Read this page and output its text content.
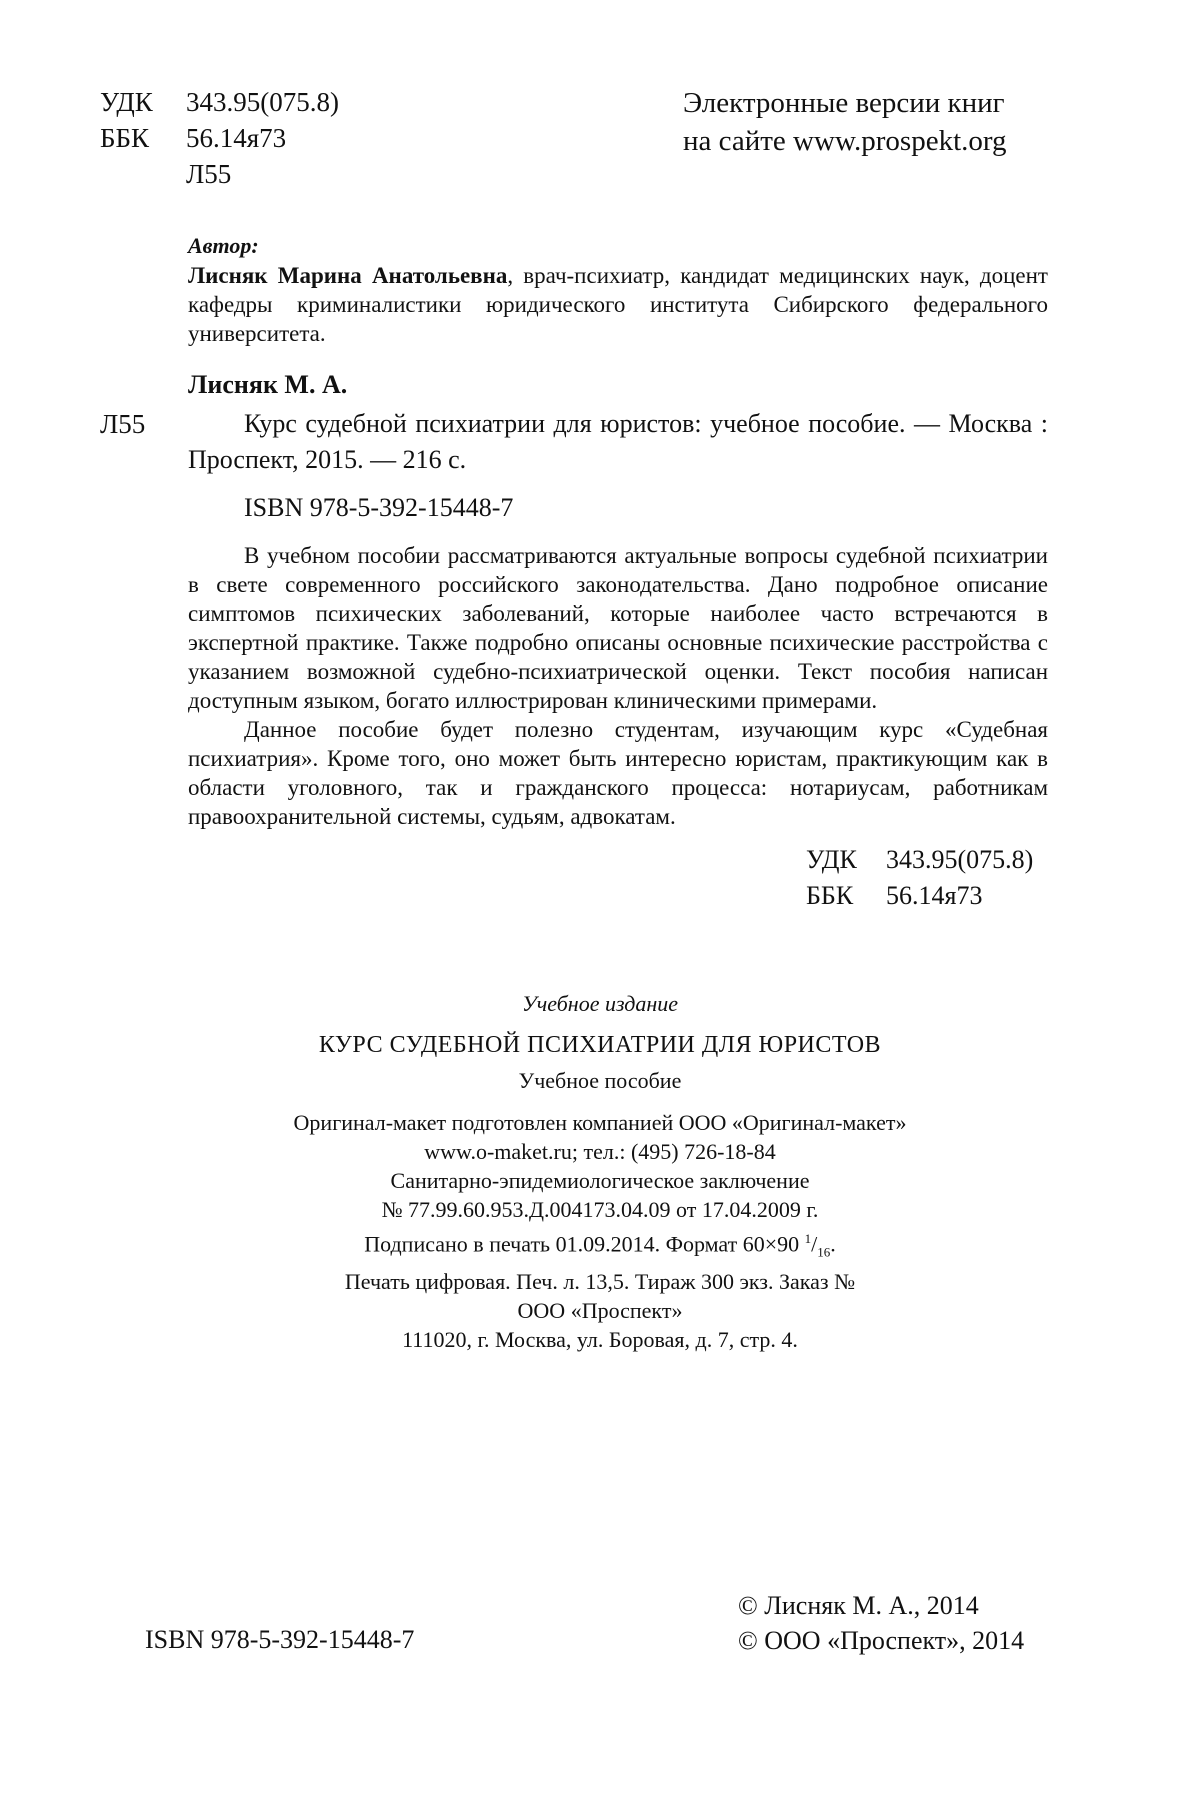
УДК	343.95(075.8)
ББК	56.14я73
Л55
Электронные версии книг
на сайте www.prospekt.org
Автор:
Лисняк Марина Анатольевна, врач-психиатр, кандидат медицинских наук, доцент кафедры криминалистики юридического института Сибирского федерального университета.
Лисняк М. А.
Л55	Курс судебной психиатрии для юристов: учебное пособие. — Москва :
Проспект, 2015. — 216 с.
ISBN 978-5-392-15448-7

В учебном пособии рассматриваются актуальные вопросы судебной психиатрии в свете современного российского законодательства. Дано подробное описание симптомов психических заболеваний, которые наиболее часто встречаются в экспертной практике. Также подробно описаны основные психические расстройства с указанием возможной судебно-психиатрической оценки. Текст пособия написан доступным языком, богато иллюстрирован клиническими примерами.

Данное пособие будет полезно студентам, изучающим курс «Судебная психиатрия». Кроме того, оно может быть интересно юристам, практикующим как в области уголовного, так и гражданского процесса: нотариусам, работникам правоохранительной системы, судьям, адвокатам.

УДК	343.95(075.8)
ББК	56.14я73
Учебное издание
КУРС СУДЕБНОЙ ПСИХИАТРИИ ДЛЯ ЮРИСТОВ
Учебное пособие
Оригинал-макет подготовлен компанией ООО «Оригинал-макет»
www.o-maket.ru; тел.: (495) 726-18-84
Санитарно-эпидемиологическое заключение
№ 77.99.60.953.Д.004173.04.09 от 17.04.2009 г.
Подписано в печать 01.09.2014. Формат 60×90 $^1/_{16}$.
Печать цифровая. Печ. л. 13,5. Тираж 300 экз. Заказ №
ООО «Проспект»
111020, г. Москва, ул. Боровая, д. 7, стр. 4.
ISBN 978-5-392-15448-7
© Лисняк М. А., 2014
© ООО «Проспект», 2014
